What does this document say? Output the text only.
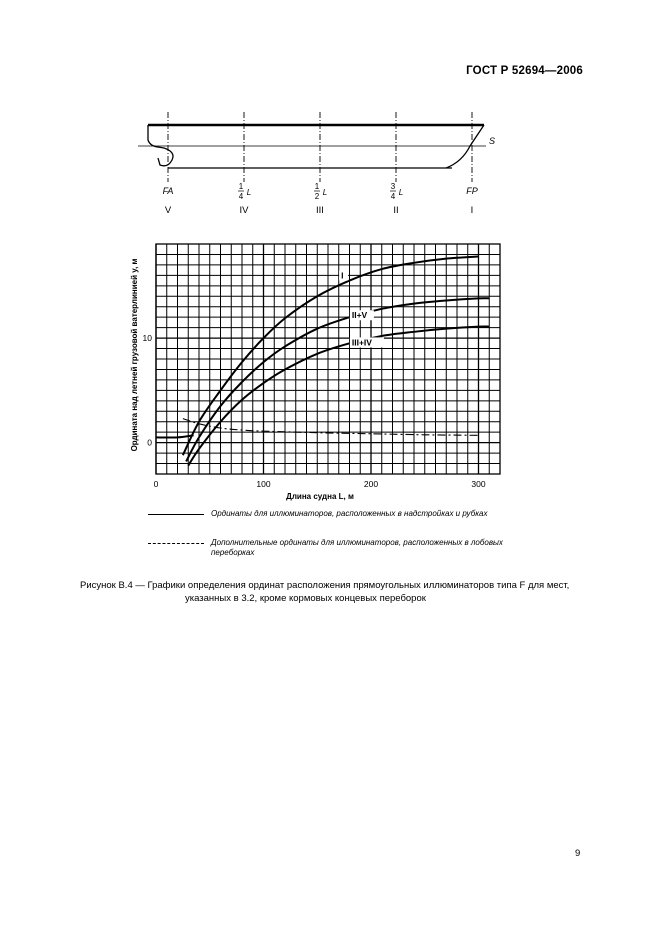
ГОСТ Р 52694—2006
S
FA
V
1
4 L
IV
1
2 L
III
3
4 L
II
FP
I
0	100	200	300
0
10
Длина судна L, м
Ордината над летней грузовой ватерлинией y, м	I
II+V
III+IV
Ординаты для иллюминаторов, расположенных в надстройках и рубках
Дополнительные ординаты для иллюминаторов, расположенных в лобовых переборках
Рисунок B.4 — Графики определения ординат расположения прямоугольных иллюминаторов типа F для мест,
указанных в 3.2, кроме кормовых концевых переборок
9
